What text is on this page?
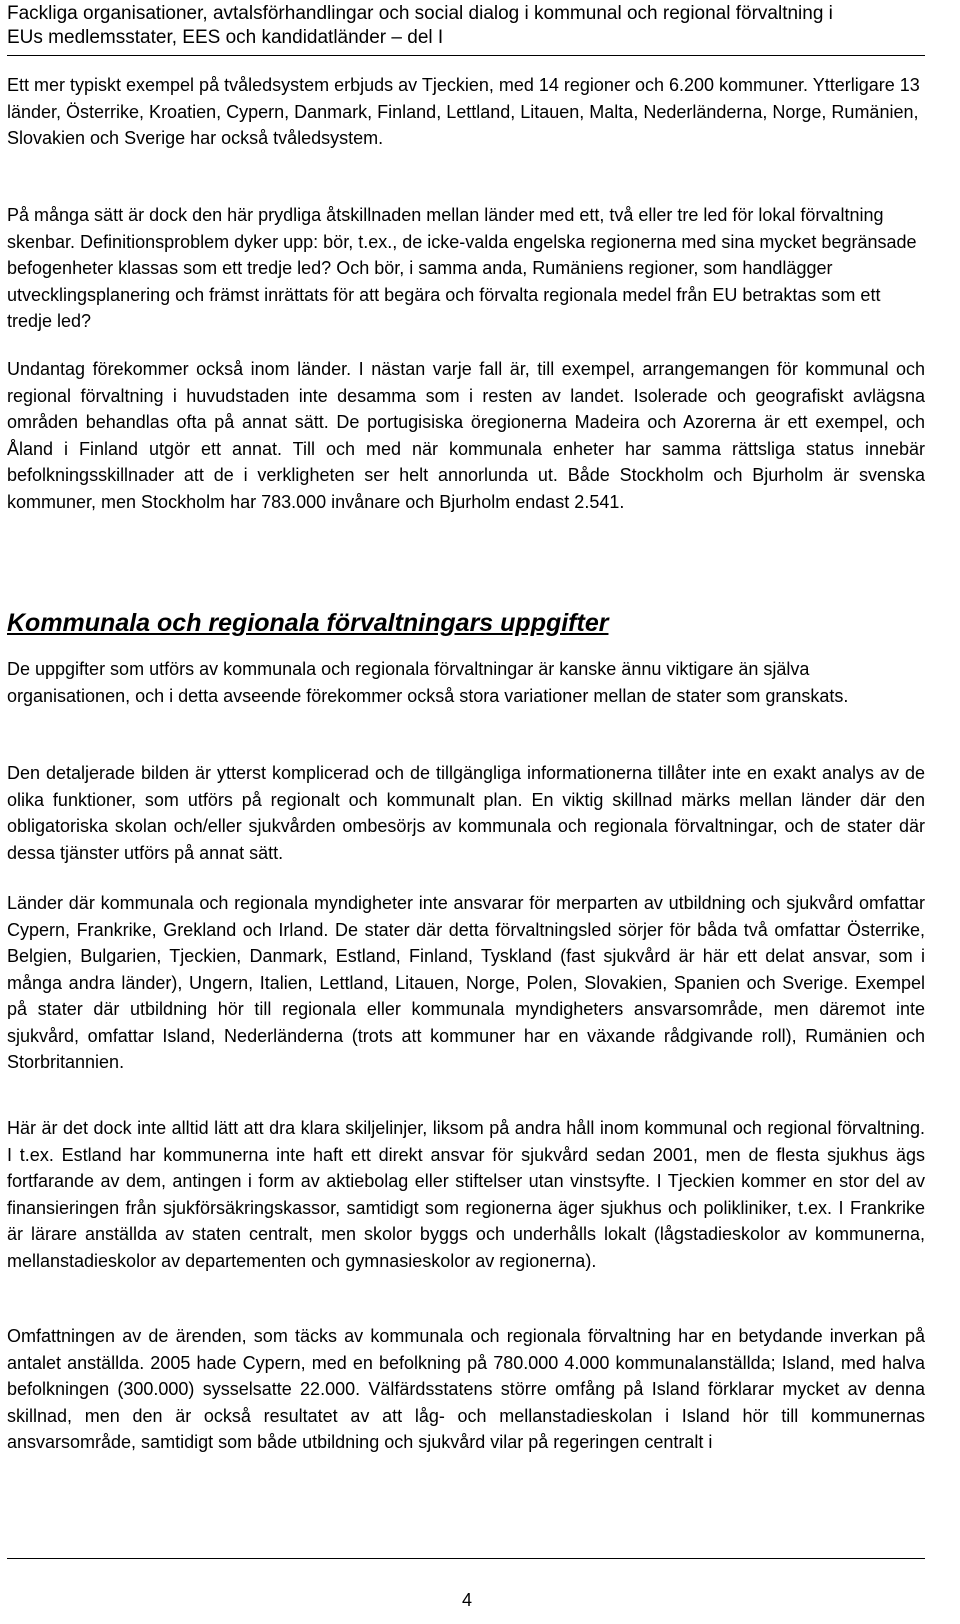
Fackliga organisationer, avtalsförhandlingar och social dialog i kommunal och regional förvaltning i
EUs medlemsstater, EES och kandidatländer – del I

Ett mer typiskt exempel på tvåledsystem erbjuds av Tjeckien, med 14 regioner och 6.200 kommuner. Ytterligare 13 länder, Österrike, Kroatien, Cypern, Danmark, Finland, Lettland, Litauen, Malta, Nederländerna, Norge, Rumänien, Slovakien och Sverige har också tvåledsystem.

På många sätt är dock den här prydliga åtskillnaden mellan länder med ett, två eller tre led för lokal förvaltning skenbar. Definitionsproblem dyker upp: bör, t.ex., de icke-valda engelska regionerna med sina mycket begränsade befogenheter klassas som ett tredje led? Och bör, i samma anda, Rumäniens regioner, som handlägger utvecklingsplanering och främst inrättats för att begära och förvalta regionala medel från EU betraktas som ett tredje led?

Undantag förekommer också inom länder. I nästan varje fall är, till exempel, arrangemangen för kommunal och regional förvaltning i huvudstaden inte desamma som i resten av landet. Isolerade och geografiskt avlägsna områden behandlas ofta på annat sätt. De portugisiska öregionerna Madeira och Azorerna är ett exempel, och Åland i Finland utgör ett annat. Till och med när kommunala enheter har samma rättsliga status innebär befolkningsskillnader att de i verkligheten ser helt annorlunda ut. Både Stockholm och Bjurholm är svenska kommuner, men Stockholm har 783.000 invånare och Bjurholm endast 2.541.

Kommunala och regionala förvaltningars uppgifter

De uppgifter som utförs av kommunala och regionala förvaltningar är kanske ännu viktigare än själva organisationen, och i detta avseende förekommer också stora variationer mellan de stater som granskats.

Den detaljerade bilden är ytterst komplicerad och de tillgängliga informationerna tillåter inte en exakt analys av de olika funktioner, som utförs på regionalt och kommunalt plan. En viktig skillnad märks mellan länder där den obligatoriska skolan och/eller sjukvården ombesörjs av kommunala och regionala förvaltningar, och de stater där dessa tjänster utförs på annat sätt.

Länder där kommunala och regionala myndigheter inte ansvarar för merparten av utbildning och sjukvård omfattar Cypern, Frankrike, Grekland och Irland. De stater där detta förvaltningsled sörjer för båda två omfattar Österrike, Belgien, Bulgarien, Tjeckien, Danmark, Estland, Finland, Tyskland (fast sjukvård är här ett delat ansvar, som i många andra länder), Ungern, Italien, Lettland, Litauen, Norge, Polen, Slovakien, Spanien och Sverige. Exempel på stater där utbildning hör till regionala eller kommunala myndigheters ansvarsområde, men däremot inte sjukvård, omfattar Island, Nederländerna (trots att kommuner har en växande rådgivande roll), Rumänien och Storbritannien.

Här är det dock inte alltid lätt att dra klara skiljelinjer, liksom på andra håll inom kommunal och regional förvaltning. I t.ex. Estland har kommunerna inte haft ett direkt ansvar för sjukvård sedan 2001, men de flesta sjukhus ägs fortfarande av dem, antingen i form av aktiebolag eller stiftelser utan vinstsyfte. I Tjeckien kommer en stor del av finansieringen från sjukförsäkringskassor, samtidigt som regionerna äger sjukhus och polikliniker, t.ex. I Frankrike är lärare anställda av staten centralt, men skolor byggs och underhålls lokalt (lågstadieskolor av kommunerna, mellanstadieskolor av departementen och gymnasieskolor av regionerna).

Omfattningen av de ärenden, som täcks av kommunala och regionala förvaltning har en betydande inverkan på antalet anställda. 2005 hade Cypern, med en befolkning på 780.000 4.000 kommunalanställda; Island, med halva befolkningen (300.000) sysselsatte 22.000. Välfärdsstatens större omfång på Island förklarar mycket av denna skillnad, men den är också resultatet av att låg- och mellanstadieskolan i Island hör till kommunernas ansvarsområde, samtidigt som både utbildning och sjukvård vilar på regeringen centralt i

4
